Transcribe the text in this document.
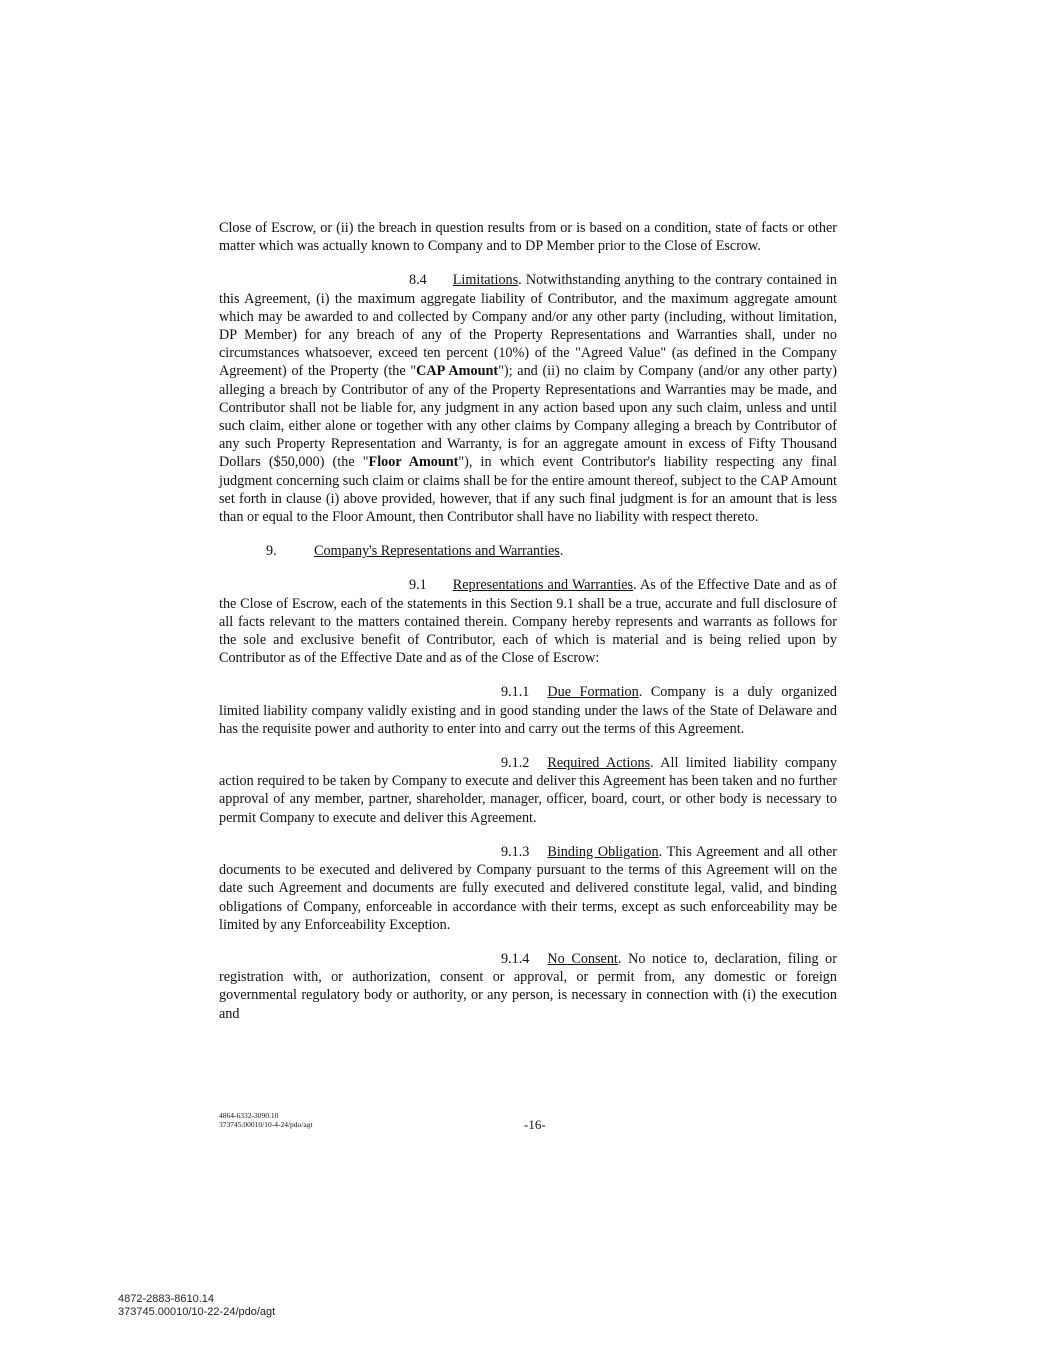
Close of Escrow, or (ii) the breach in question results from or is based on a condition, state of facts or other matter which was actually known to Company and to DP Member prior to the Close of Escrow.

8.4 Limitations. Notwithstanding anything to the contrary contained in this Agreement, (i) the maximum aggregate liability of Contributor, and the maximum aggregate amount which may be awarded to and collected by Company and/or any other party (including, without limitation, DP Member) for any breach of any of the Property Representations and Warranties shall, under no circumstances whatsoever, exceed ten percent (10%) of the "Agreed Value" (as defined in the Company Agreement) of the Property (the "CAP Amount"); and (ii) no claim by Company (and/or any other party) alleging a breach by Contributor of any of the Property Representations and Warranties may be made, and Contributor shall not be liable for, any judgment in any action based upon any such claim, unless and until such claim, either alone or together with any other claims by Company alleging a breach by Contributor of any such Property Representation and Warranty, is for an aggregate amount in excess of Fifty Thousand Dollars ($50,000) (the "Floor Amount"), in which event Contributor's liability respecting any final judgment concerning such claim or claims shall be for the entire amount thereof, subject to the CAP Amount set forth in clause (i) above provided, however, that if any such final judgment is for an amount that is less than or equal to the Floor Amount, then Contributor shall have no liability with respect thereto.

9.	Company's Representations and Warranties.

9.1 Representations and Warranties. As of the Effective Date and as of the Close of Escrow, each of the statements in this Section 9.1 shall be a true, accurate and full disclosure of all facts relevant to the matters contained therein. Company hereby represents and warrants as follows for the sole and exclusive benefit of Contributor, each of which is material and is being relied upon by Contributor as of the Effective Date and as of the Close of Escrow:

9.1.1 Due Formation. Company is a duly organized limited liability company validly existing and in good standing under the laws of the State of Delaware and has the requisite power and authority to enter into and carry out the terms of this Agreement.

9.1.2 Required Actions. All limited liability company action required to be taken by Company to execute and deliver this Agreement has been taken and no further approval of any member, partner, shareholder, manager, officer, board, court, or other body is necessary to permit Company to execute and deliver this Agreement.

9.1.3 Binding Obligation. This Agreement and all other documents to be executed and delivered by Company pursuant to the terms of this Agreement will on the date such Agreement and documents are fully executed and delivered constitute legal, valid, and binding obligations of Company, enforceable in accordance with their terms, except as such enforceability may be limited by any Enforceability Exception.

9.1.4 No Consent. No notice to, declaration, filing or registration with, or authorization, consent or approval, or permit from, any domestic or foreign governmental regulatory body or authority, or any person, is necessary in connection with (i) the execution and

4864-6332-3090.10
373745.00010/10-4-24/pdo/agt	-16-
4872-2883-8610.14
373745.00010/10-22-24/pdo/agt
